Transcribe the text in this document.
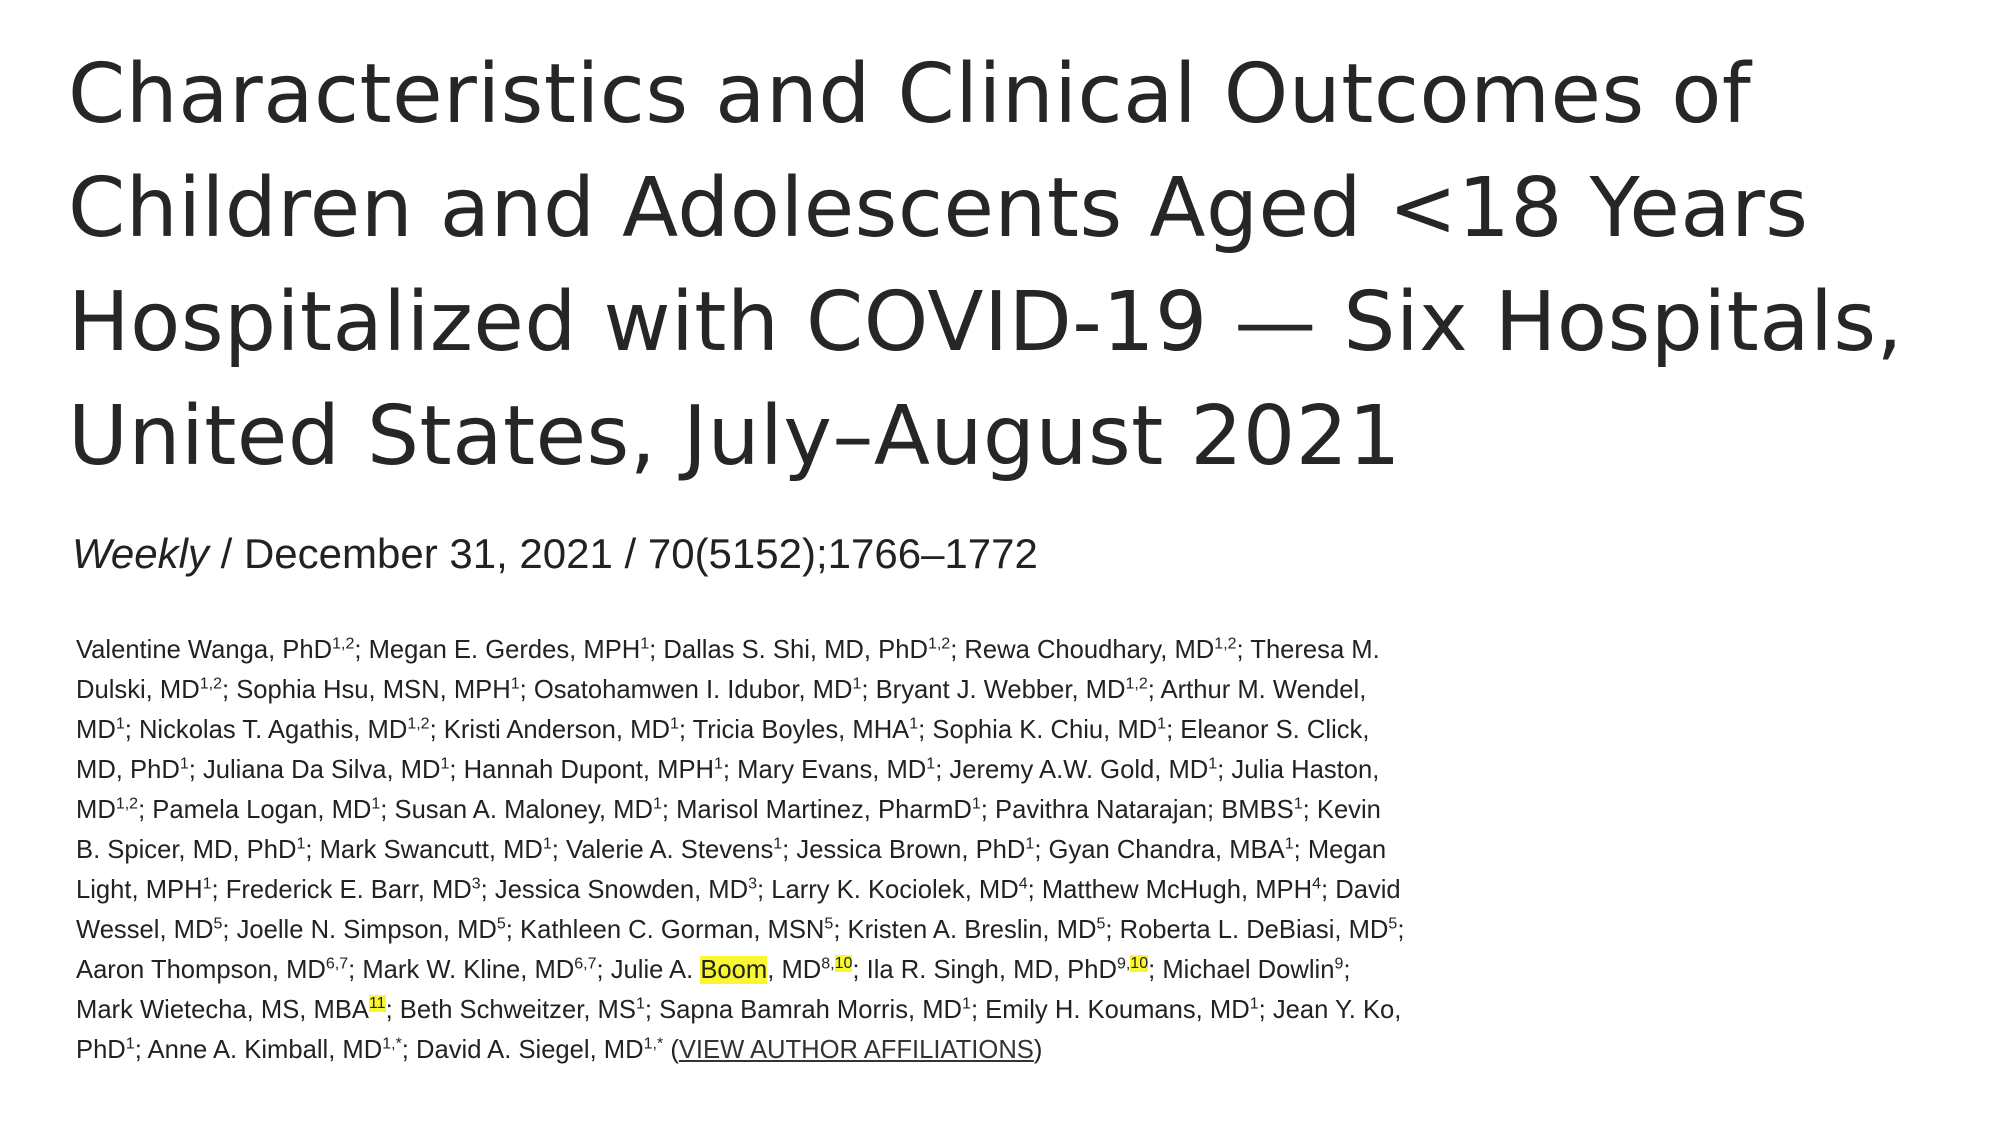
Characteristics and Clinical Outcomes of
Children and Adolescents Aged <18 Years
Hospitalized with COVID-19 — Six Hospitals,
United States, July–August 2021

Weekly / December 31, 2021 / 70(5152);1766–1772

Valentine Wanga, PhD$^{1,2}$; Megan E. Gerdes, MPH$^1$; Dallas S. Shi, MD, PhD$^{1,2}$; Rewa Choudhary, MD$^{1,2}$; Theresa M.
Dulski, MD$^{1,2}$; Sophia Hsu, MSN, MPH$^1$; Osatohamwen I. Idubor, $MD^1$; Bryant J. Webber, MD$^{1,2}$; Arthur M. Wendel,
$MD^1$; Nickolas T. Agathis, MD$^{1,2}$; Kristi Anderson, $MD^1$; Tricia Boyles, MHA$^1$; Sophia K. Chiu, $MD^1$; Eleanor S. Click,
MD, PhD$^1$; Juliana Da Silva, $MD^1$; Hannah Dupont, MPH$^1$; Mary Evans, $MD^1$; Jeremy A.W. Gold, $MD^1$; Julia Haston,
MD$^{1,2}$; Pamela Logan, $MD^1$; Susan A. Maloney, $MD^1$; Marisol Martinez, PharmD$^1$; Pavithra Natarajan; BMBS$^1$; Kevin
B. Spicer, MD, PhD$^1$; Mark Swancutt, $MD^1$; Valerie A. Stevens$^1$; Jessica Brown, PhD$^1$; Gyan Chandra, MBA$^1$; Megan
Light, MPH$^1$; Frederick E. Barr, $MD^3$; Jessica Snowden, $MD^3$; Larry K. Kociolek, $MD^4$; Matthew McHugh, MPH$^4$; David
Wessel, $MD^5$; Joelle N. Simpson, $MD^5$; Kathleen C. Gorman, MSN$^5$; Kristen A. Breslin, $MD^5$; Roberta L. DeBiasi, $MD^5$;
Aaron Thompson, MD$^{6,7}$; Mark W. Kline, MD$^{6,7}$; Julie A. Boom, MD$^{8,10}$; Ila R. Singh, MD, PhD$^{9,10}$; Michael Dowlin$^9$;
Mark Wietecha, MS, MBA$^{11}$; Beth Schweitzer, $MS^1$; Sapna Bamrah Morris, $MD^1$; Emily H. Koumans, $MD^1$; Jean Y. Ko,
PhD$^1$; Anne A. Kimball, $MD^{1,*}$; David A. Siegel, $MD^{1,*}$ (VIEW AUTHOR AFFILIATIONS)
